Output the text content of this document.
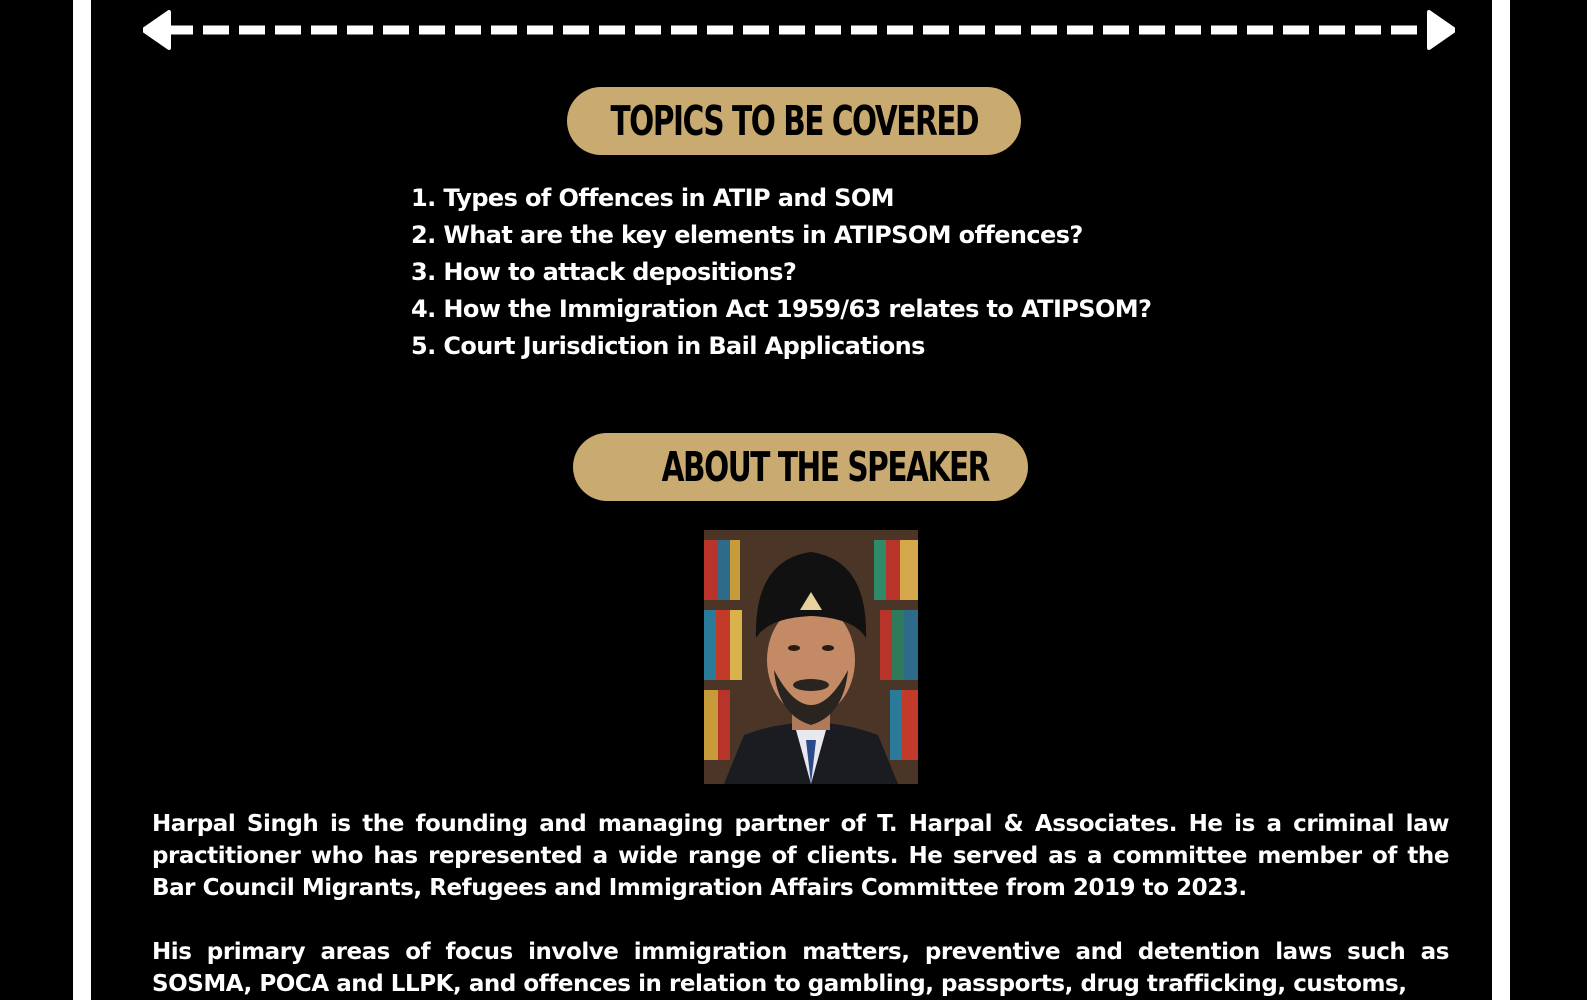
TOPICS TO BE COVERED
1. Types of Offences in ATIP and SOM
2. What are the key elements in ATIPSOM offences?
3. How to attack depositions?
4. How the Immigration Act 1959/63 relates to ATIPSOM?
5. Court Jurisdiction in Bail Applications
ABOUT THE SPEAKER

Harpal Singh is the founding and managing partner of T. Harpal & Associates. He is a criminal law practitioner who has represented a wide range of clients. He served as a committee member of the Bar Council Migrants, Refugees and Immigration Affairs Committee from 2019 to 2023.

His primary areas of focus involve immigration matters, preventive and detention laws such as SOSMA, POCA and LLPK, and offences in relation to gambling, passports, drug trafficking, customs,
